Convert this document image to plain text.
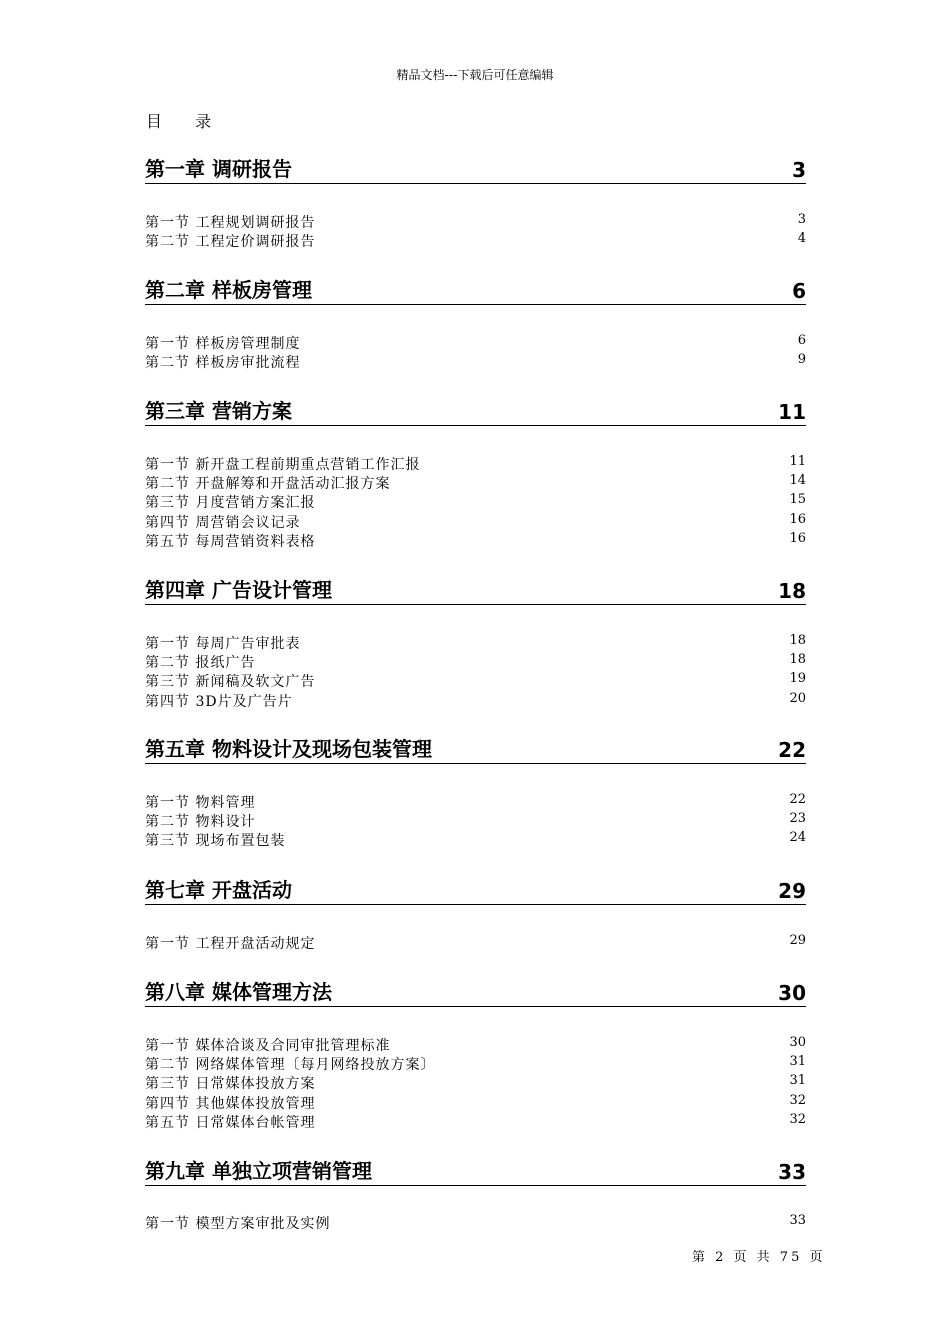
精品文档---下载后可任意编辑
目 录
第一章 调研报告	3
第一节 工程规划调研报告	3
第二节 工程定价调研报告	4
第二章 样板房管理	6
第一节 样板房管理制度	6
第二节 样板房审批流程	9
第三章 营销方案	11
第一节 新开盘工程前期重点营销工作汇报	11
第二节 开盘解筹和开盘活动汇报方案	14
第三节 月度营销方案汇报	15
第四节 周营销会议记录	16
第五节 每周营销资料表格	16
第四章 广告设计管理	18
第一节 每周广告审批表	18
第二节 报纸广告	18
第三节 新闻稿及软文广告	19
第四节 3D片及广告片	20
第五章 物料设计及现场包装管理	22
第一节 物料管理	22
第二节 物料设计	23
第三节 现场布置包装	24
第七章 开盘活动	29
第一节 工程开盘活动规定	29
第八章 媒体管理方法	30
第一节 媒体洽谈及合同审批管理标准	30
第二节 网络媒体管理〔每月网络投放方案〕	31
第三节 日常媒体投放方案	31
第四节 其他媒体投放管理	32
第五节 日常媒体台帐管理	32
第九章 单独立项营销管理	33
第一节 模型方案审批及实例	33
第 2 页 共 75 页
